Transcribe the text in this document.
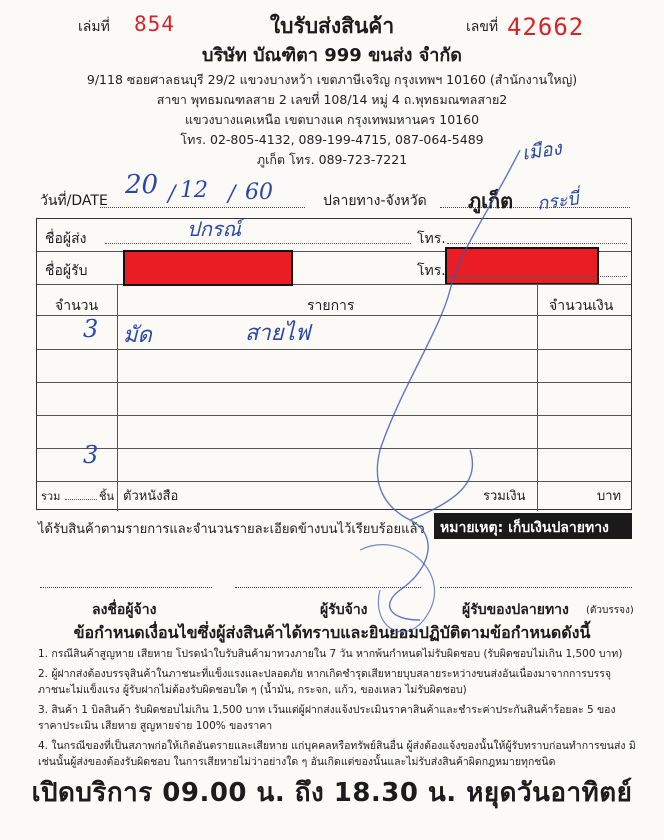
เล่มที่ 854	ใบรับส่งสินค้า	เลขที่ 42662
บริษัท บัณฑิตา 999 ขนส่ง จำกัด
9/118 ซอยศาลธนบุรี 29/2 แขวงบางหว้า เขตภาษีเจริญ กรุงเทพฯ 10160 (สำนักงานใหญ่)
สาขา พุทธมณฑลสาย 2 เลขที่ 108/14 หมู่ 4 ถ.พุทธมณฑลสาย2
แขวงบางแคเหนือ เขตบางแค กรุงเทพมหานคร 10160
โทร. 02-805-4132, 089-199-4715, 087-064-5489
ภูเก็ต โทร. 089-723-7221
วันที่/DATE
20 / 12 / 60	ปลายทาง-จังหวัด ภูเก็ต
เมือง
กระบี่
ชื่อผู้ส่ง	ปกรณ์	โทร.
ชื่อผู้รับ	โทร.
จำนวน	รายการ	จำนวนเงิน
3 มัด	สายไฟ
3
รวม	ชิ้น ตัวหนังสือ	รวมเงิน	บาท
ได้รับสินค้าตามรายการและจำนวนรายละเอียดข้างบนไว้เรียบร้อยแล้ว	หมายเหตุ: เก็บเงินปลายทาง
ลงชื่อผู้จ้าง	ผู้รับจ้าง	ผู้รับของปลายทาง (ตัวบรรจง)
ข้อกำหนดเงื่อนไขซึ่งผู้ส่งสินค้าได้ทราบและยินยอมปฏิบัติตามข้อกำหนดดังนี้
1. กรณีสินค้าสูญหาย เสียหาย โปรดนำใบรับสินค้ามาทวงภายใน 7 วัน หากพ้นกำหนดไม่รับผิดชอบ (รับผิดชอบไม่เกิน 1,500 บาท)
2. ผู้ฝากส่งต้องบรรจุสินค้าในภาชนะที่แข็งแรงและปลอดภัย หากเกิดชำรุดเสียหายบุบสลายระหว่างขนส่งอันเนื่องมาจากการบรรจุภาชนะไม่แข็งแรง ผู้รับฝากไม่ต้องรับผิดชอบใด ๆ (น้ำมัน, กระจก, แก้ว, ของเหลว ไม่รับผิดชอบ)
3. สินค้า 1 บิลสินค้า รับผิดชอบไม่เกิน 1,500 บาท เว้นแต่ผู้ฝากส่งแจ้งประเมินราคาสินค้าและชำระค่าประกันสินค้าร้อยละ 5 ของราคาประเมิน เสียหาย สูญหายจ่าย 100% ของราคา
4. ในกรณีของที่เป็นสภาพก่อให้เกิดอันตรายและเสียหาย แก่บุคคลหรือทรัพย์สินอื่น ผู้ส่งต้องแจ้งของนั้นให้ผู้รับทราบก่อนทำการขนส่ง มิเช่นนั้นผู้ส่งของต้องรับผิดชอบ ในการเสียหายไม่ว่าอย่างใด ๆ อันเกิดแต่ของนั้นและไม่รับส่งสินค้าผิดกฎหมายทุกชนิด
เปิดบริการ 09.00 น. ถึง 18.30 น. หยุดวันอาทิตย์
